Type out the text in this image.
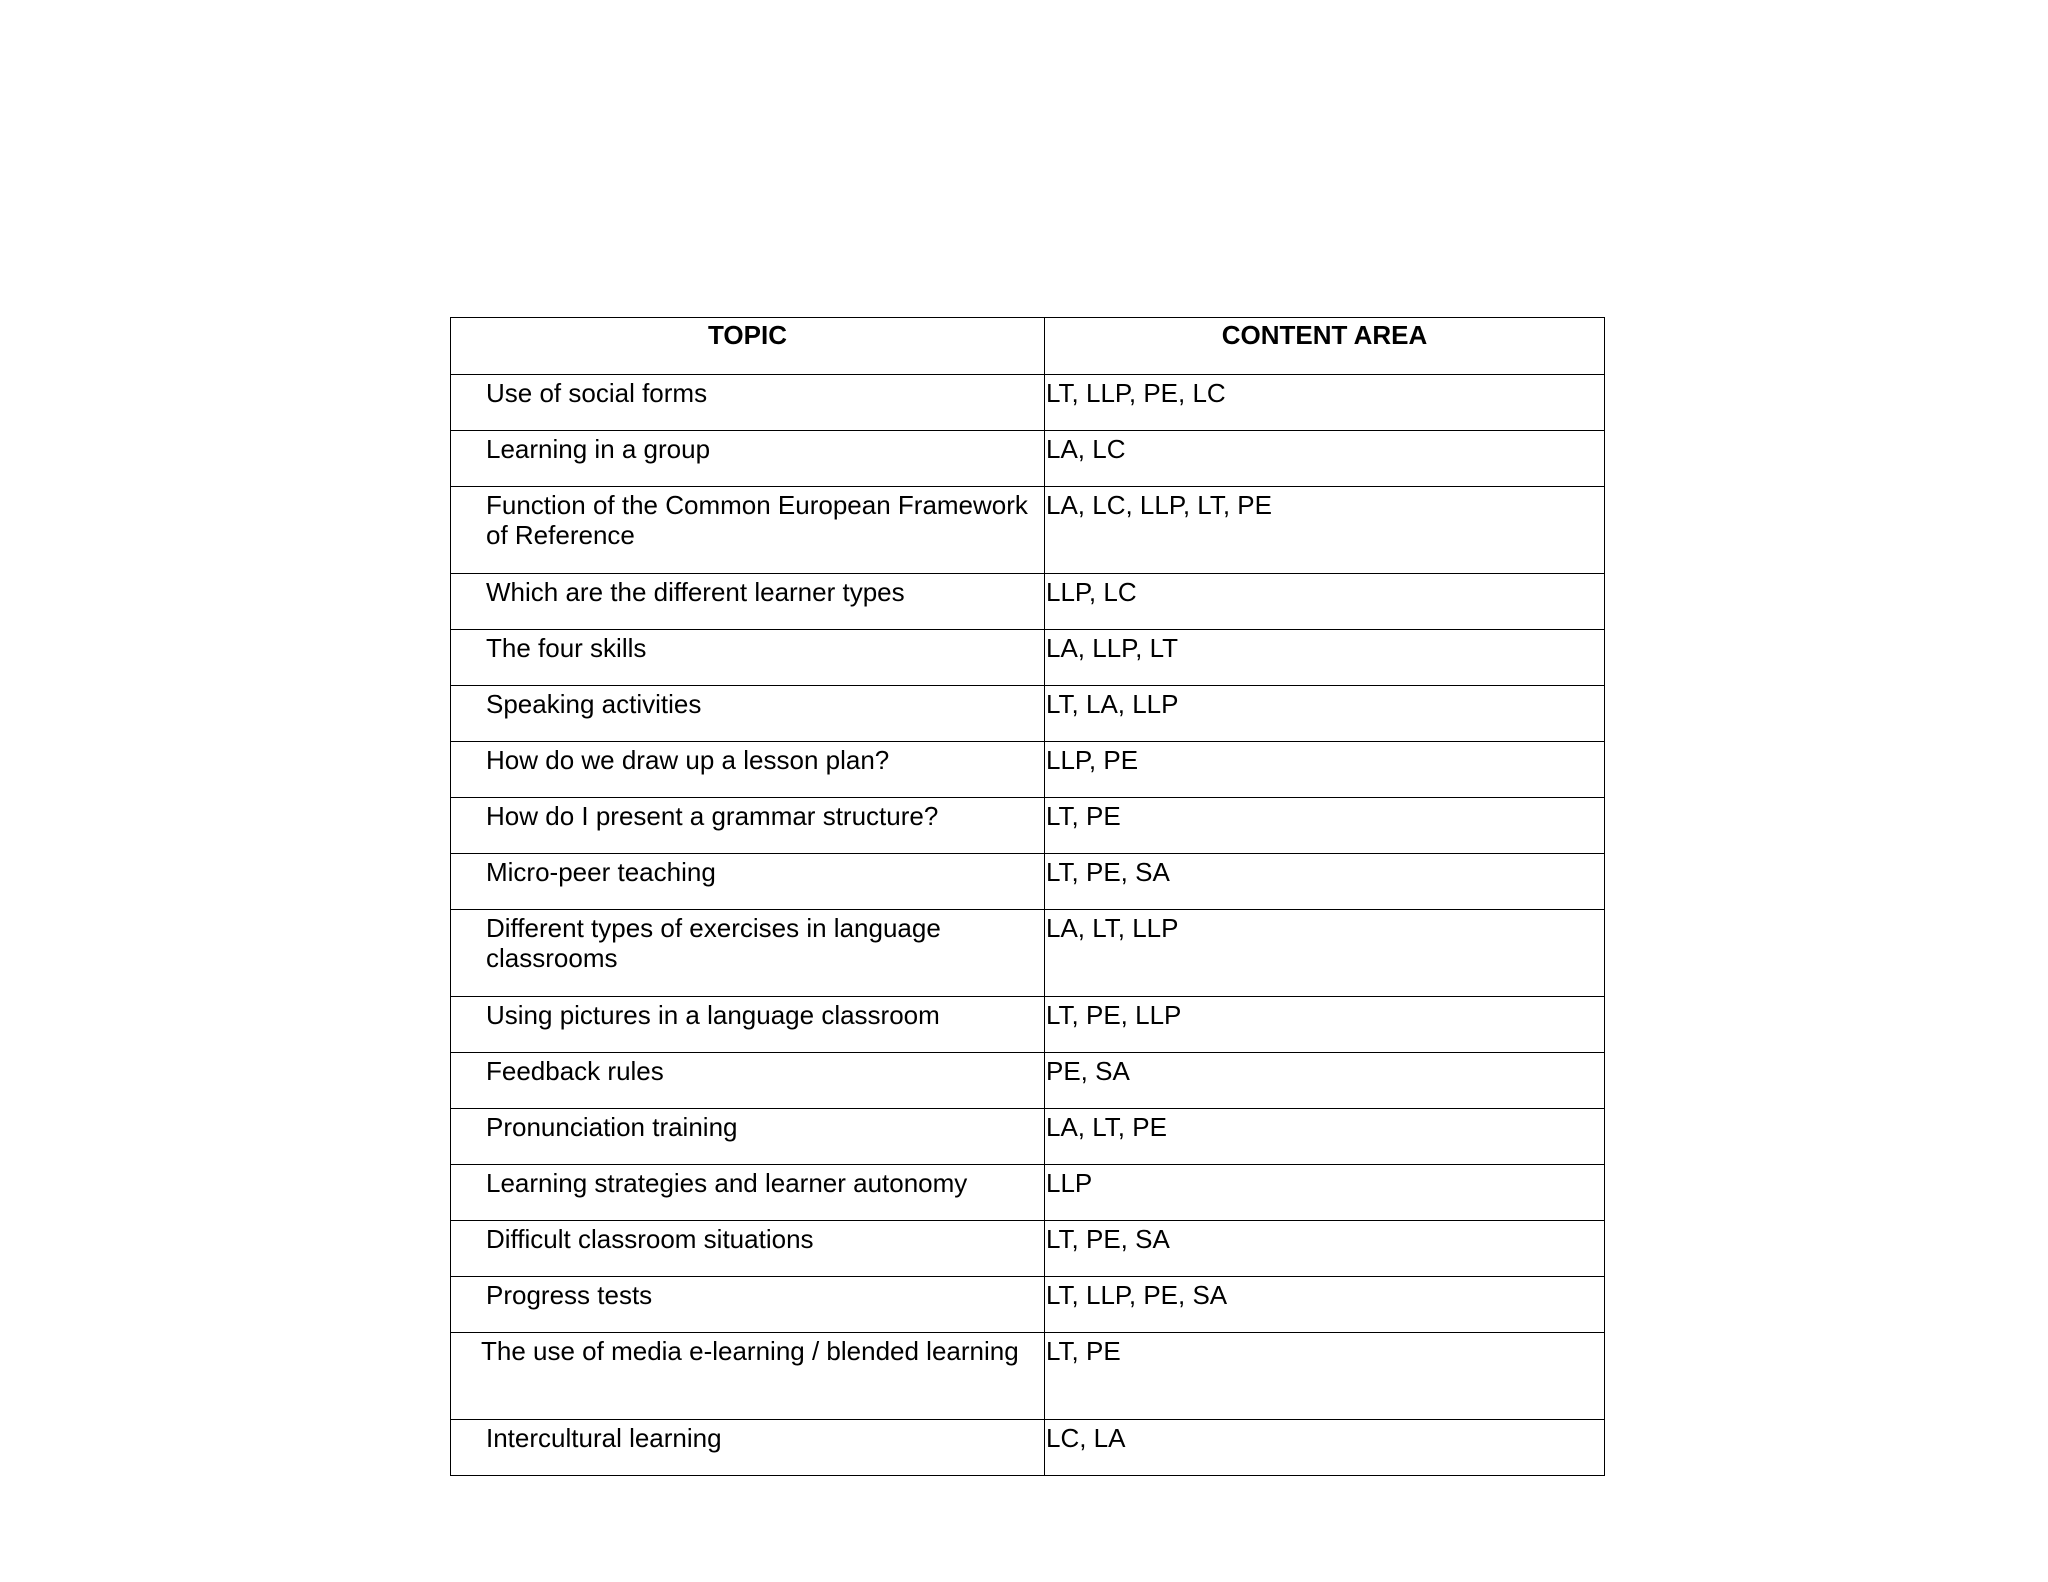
TOPIC	CONTENT AREA
Use of social forms	LT, LLP, PE, LC
Learning in a group	LA, LC
Function of the Common European Framework of Reference	LA, LC, LLP, LT, PE
Which are the different learner types	LLP, LC
The four skills	LA, LLP, LT
Speaking activities	LT, LA, LLP
How do we draw up a lesson plan?	LLP, PE
How do I present a grammar structure?	LT, PE
Micro-peer teaching	LT, PE, SA
Different types of exercises in language classrooms	LA, LT, LLP
Using pictures in a language classroom	LT, PE, LLP
Feedback rules	PE, SA
Pronunciation training	LA, LT, PE
Learning strategies and learner autonomy	LLP
Difficult classroom situations	LT, PE, SA
Progress tests	LT, LLP, PE, SA
The use of media e-learning / blended learning	LT, PE
Intercultural learning	LC, LA
